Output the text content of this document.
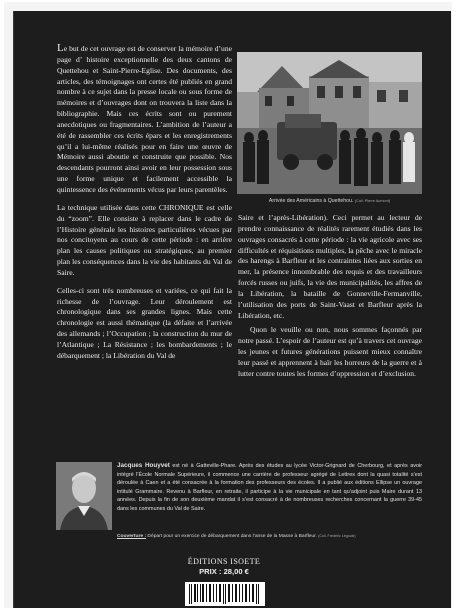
Le but de cet ouvrage est de conserver la mémoire d’une page d’ histoire exceptionnelle des deux cantons de Quettehou et Saint-Pierre-Eglise. Des documents, des articles, des témoignages ont certes été publiés en grand nombre à ce sujet dans la presse locale ou sous forme de mémoires et d’ouvrages dont on trouvera la liste dans la bibliographie. Mais ces écrits sont ou purement anecdotiques ou fragmentaires. L’ambition de l’auteur a été de rassembler ces écrits épars et les enregistrements qu’il a lui-même réalisés pour en faire une œuvre de Mémoire aussi aboutie et construite que possible. Nos descendants pourront ainsi avoir en leur possession sous une forme unique et facilement accessible la quintessence des événements vécus par leurs parentèles.

La technique utilisée dans cette CHRONIQUE est celle du “zoom”. Elle consiste à replacer dans le cadre de l’Histoire générale les histoires particulières vécues par nos concitoyens au cours de cette période : en arrière plan les causes politiques ou stratégiques, au premier plan les conséquences dans la vie des habitants du Val de Saire.

Celles-ci sont très nombreuses et variées, ce qui fait la richesse de l’ouvrage. Leur déroulement est chronologique dans ses grandes lignes. Mais cette chronologie est aussi thématique (la défaite et l’arrivée des allemands ; l’Occupation ; la construction du mur de l’Atlantique ; La Résistance ; les bombardements ; le débarquement ; la Libération du Val de

Arrivée des Américains à Quettehou. (Coll. Pierre Aumont)

Saire et l’après-Libération). Ceci permet au lecteur de prendre connaissance de réalités rarement étudiés dans les ouvrages consacrés à cette période : la vie agricole avec ses difficultés et réquisitions multiples, la pêche avec le miracle des harengs à Barfleur et les contraintes liées aux sorties en mer, la présence innombrable des requis et des travailleurs forcés russes ou juifs, la vie des municipalités, les affres de la Libération, la bataille de Gonneville-Fermanville, l’utilisation des ports de Saint-Vaast et Barfleur après la Libération, etc.

Quon le veuille ou non, nous sommes façonnés par notre passé. L’espoir de l’auteur est qu’à travers cet ouvrage les jeunes et futures générations puissent mieux connaître leur passé et apprennent à haïr les horreurs de la guerre et à lutter contre toutes les formes d’oppression et d’exclusion.

Jacques Houyvet est né à Gatteville-Phare. Après des études au lycée Victor-Grignard de Cherbourg, et après avoir intégré l’École Normale Supérieure, il commence une carrière de professeur agrégé de Lettres dont la quasi totalité s’est déroulée à Caen et a été consacrée à la formation des professeurs des écoles. Il a publié aux éditions Ellipse un ouvrage intitulé Grammaire. Revenu à Barfleur, en retraite, il participe à la vie municipale en tant qu’adjoint puis Maire durant 13 années. Depuis la fin de son deuxième mandat il s’est consacré à de nombreuses recherches concernant la guerre 39-45 dans les communes du Val de Saire.
Couverture : Départ pour un exercice de débarquement dans l’anse de la Masse à Barfleur. (Coll. Frédéric Legouix)
ÉDITIONS ISOETE
PRIX : 28,00 €
